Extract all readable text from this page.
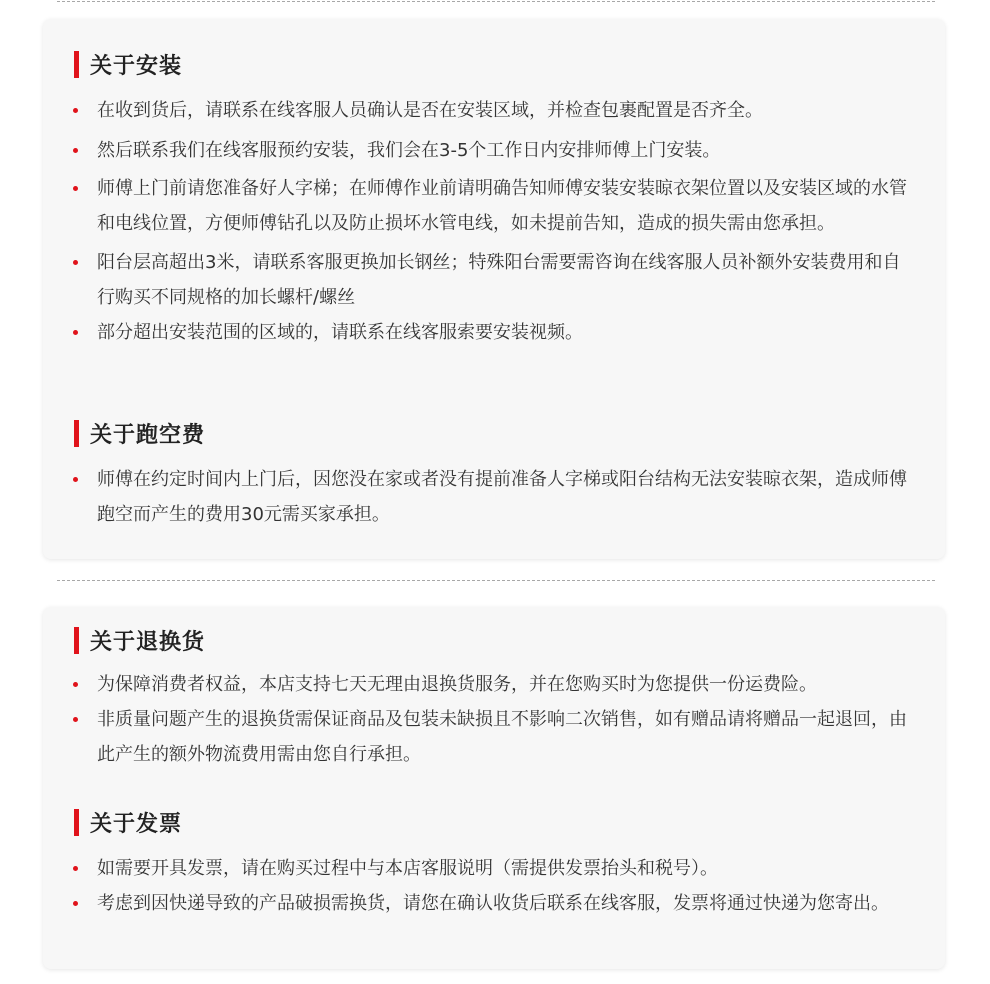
关于安装
在收到货后，请联系在线客服人员确认是否在安装区域，并检查包裹配置是否齐全。
然后联系我们在线客服预约安装，我们会在3-5个工作日内安排师傅上门安装。
师傅上门前请您准备好人字梯；在师傅作业前请明确告知师傅安装安装晾衣架位置以及安装区域的水管和电线位置，方便师傅钻孔以及防止损坏水管电线，如未提前告知，造成的损失需由您承担。
阳台层高超出3米，请联系客服更换加长钢丝；特殊阳台需要需咨询在线客服人员补额外安装费用和自行购买不同规格的加长螺杆/螺丝
部分超出安装范围的区域的，请联系在线客服索要安装视频。
关于跑空费
师傅在约定时间内上门后，因您没在家或者没有提前准备人字梯或阳台结构无法安装晾衣架，造成师傅跑空而产生的费用30元需买家承担。
关于退换货
为保障消费者权益，本店支持七天无理由退换货服务，并在您购买时为您提供一份运费险。
非质量问题产生的退换货需保证商品及包装未缺损且不影响二次销售，如有赠品请将赠品一起退回，由此产生的额外物流费用需由您自行承担。
关于发票
如需要开具发票，请在购买过程中与本店客服说明（需提供发票抬头和税号）。
考虑到因快递导致的产品破损需换货，请您在确认收货后联系在线客服，发票将通过快递为您寄出。
